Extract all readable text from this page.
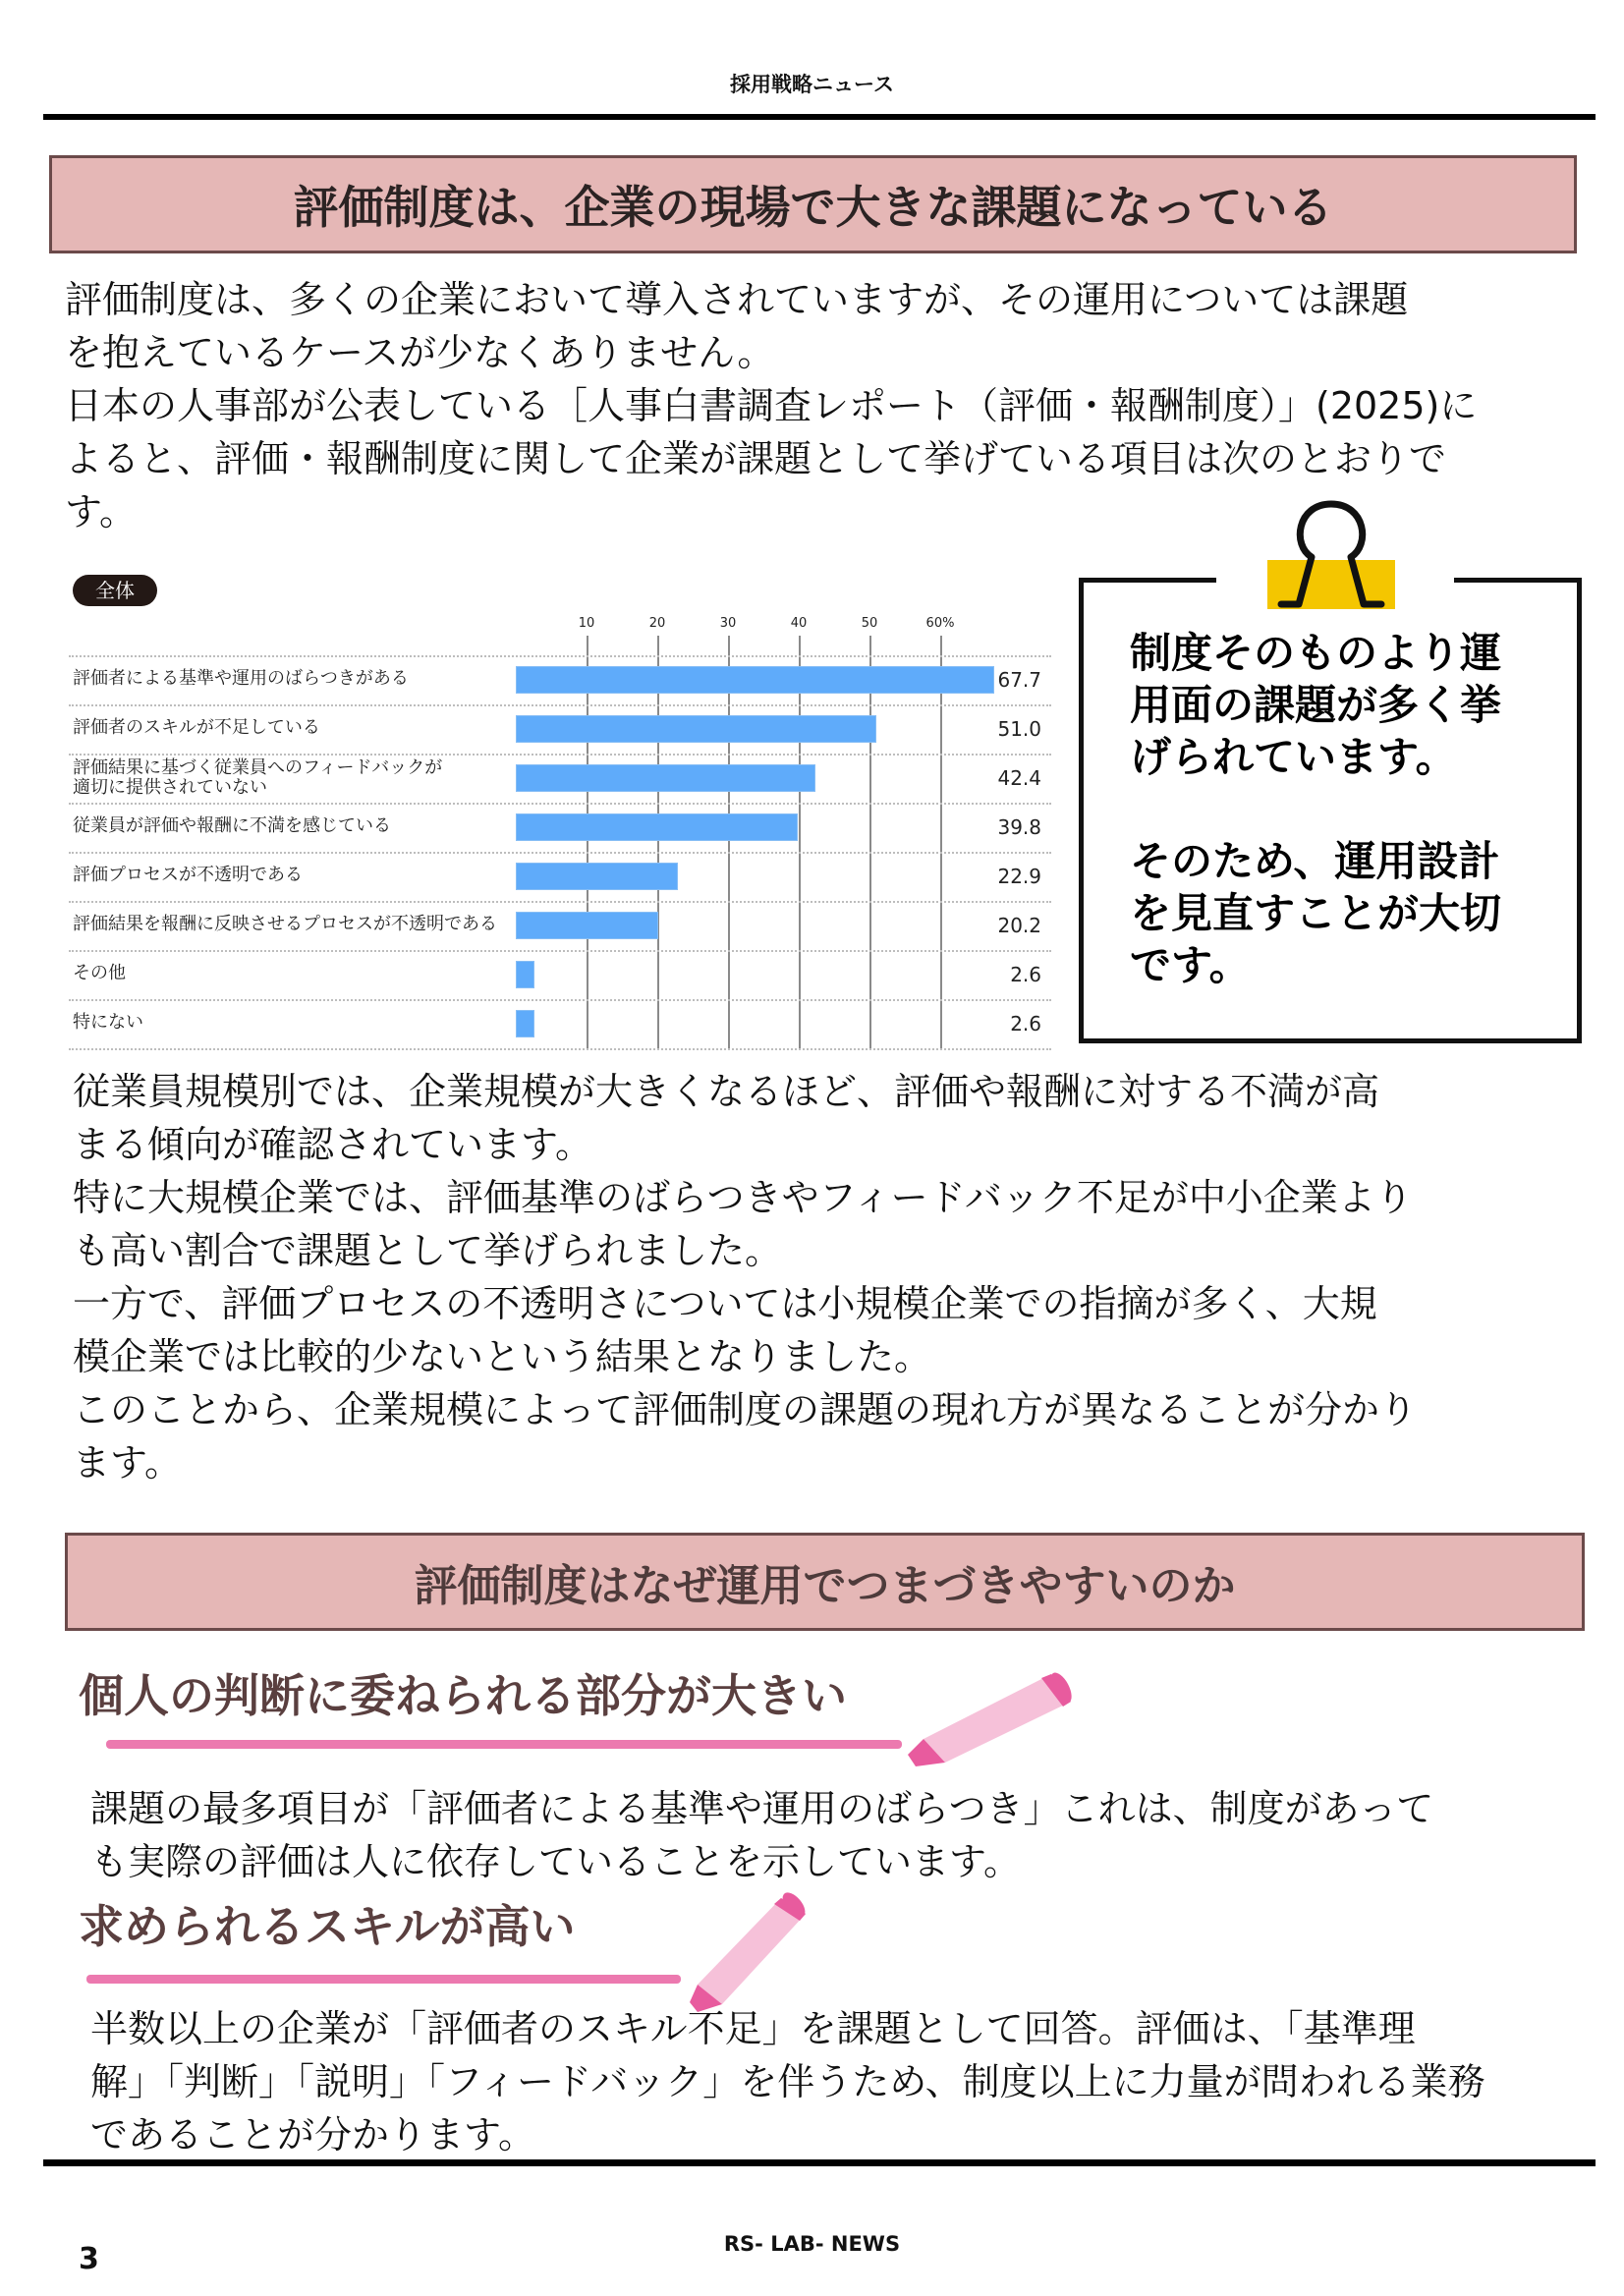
採用戦略ニュース
評価制度は、企業の現場で大きな課題になっている

評価制度は、多くの企業において導入されていますが、その運用については課題

を抱えているケースが少なくありません。

日本の人事部が公表している［人事白書調査レポート（評価・報酬制度）」(2025)に

よると、評価・報酬制度に関して企業が課題として挙げている項目は次のとおりで

す。

全体
10	20	30	40	50	60%
評価者による基準や運用のばらつきがある	67.7
評価者のスキルが不足している	51.0
評価結果に基づく従業員へのフィードバックが
適切に提供されていない	42.4
従業員が評価や報酬に不満を感じている	39.8
評価プロセスが不透明である	22.9
評価結果を報酬に反映させるプロセスが不透明である	20.2
その他	2.6
特にない	2.6

制度そのものより運

用面の課題が多く挙

げられています。

そのため、運用設計

を見直すことが大切

です。

従業員規模別では、企業規模が大きくなるほど、評価や報酬に対する不満が高

まる傾向が確認されています。

特に大規模企業では、評価基準のばらつきやフィードバック不足が中小企業より

も高い割合で課題として挙げられました。

一方で、評価プロセスの不透明さについては小規模企業での指摘が多く、大規

模企業では比較的少ないという結果となりました。

このことから、企業規模によって評価制度の課題の現れ方が異なることが分かり

ます。

評価制度はなぜ運用でつまづきやすいのか
個人の判断に委ねられる部分が大きい

課題の最多項目が「評価者による基準や運用のばらつき」これは、制度があって

も実際の評価は人に依存していることを示しています。

求められるスキルが高い

半数以上の企業が「評価者のスキル不足」を課題として回答。評価は、「基準理

解」「判断」「説明」「フィードバック」を伴うため、制度以上に力量が問われる業務

であることが分かります。

RS- LAB- NEWS
3
